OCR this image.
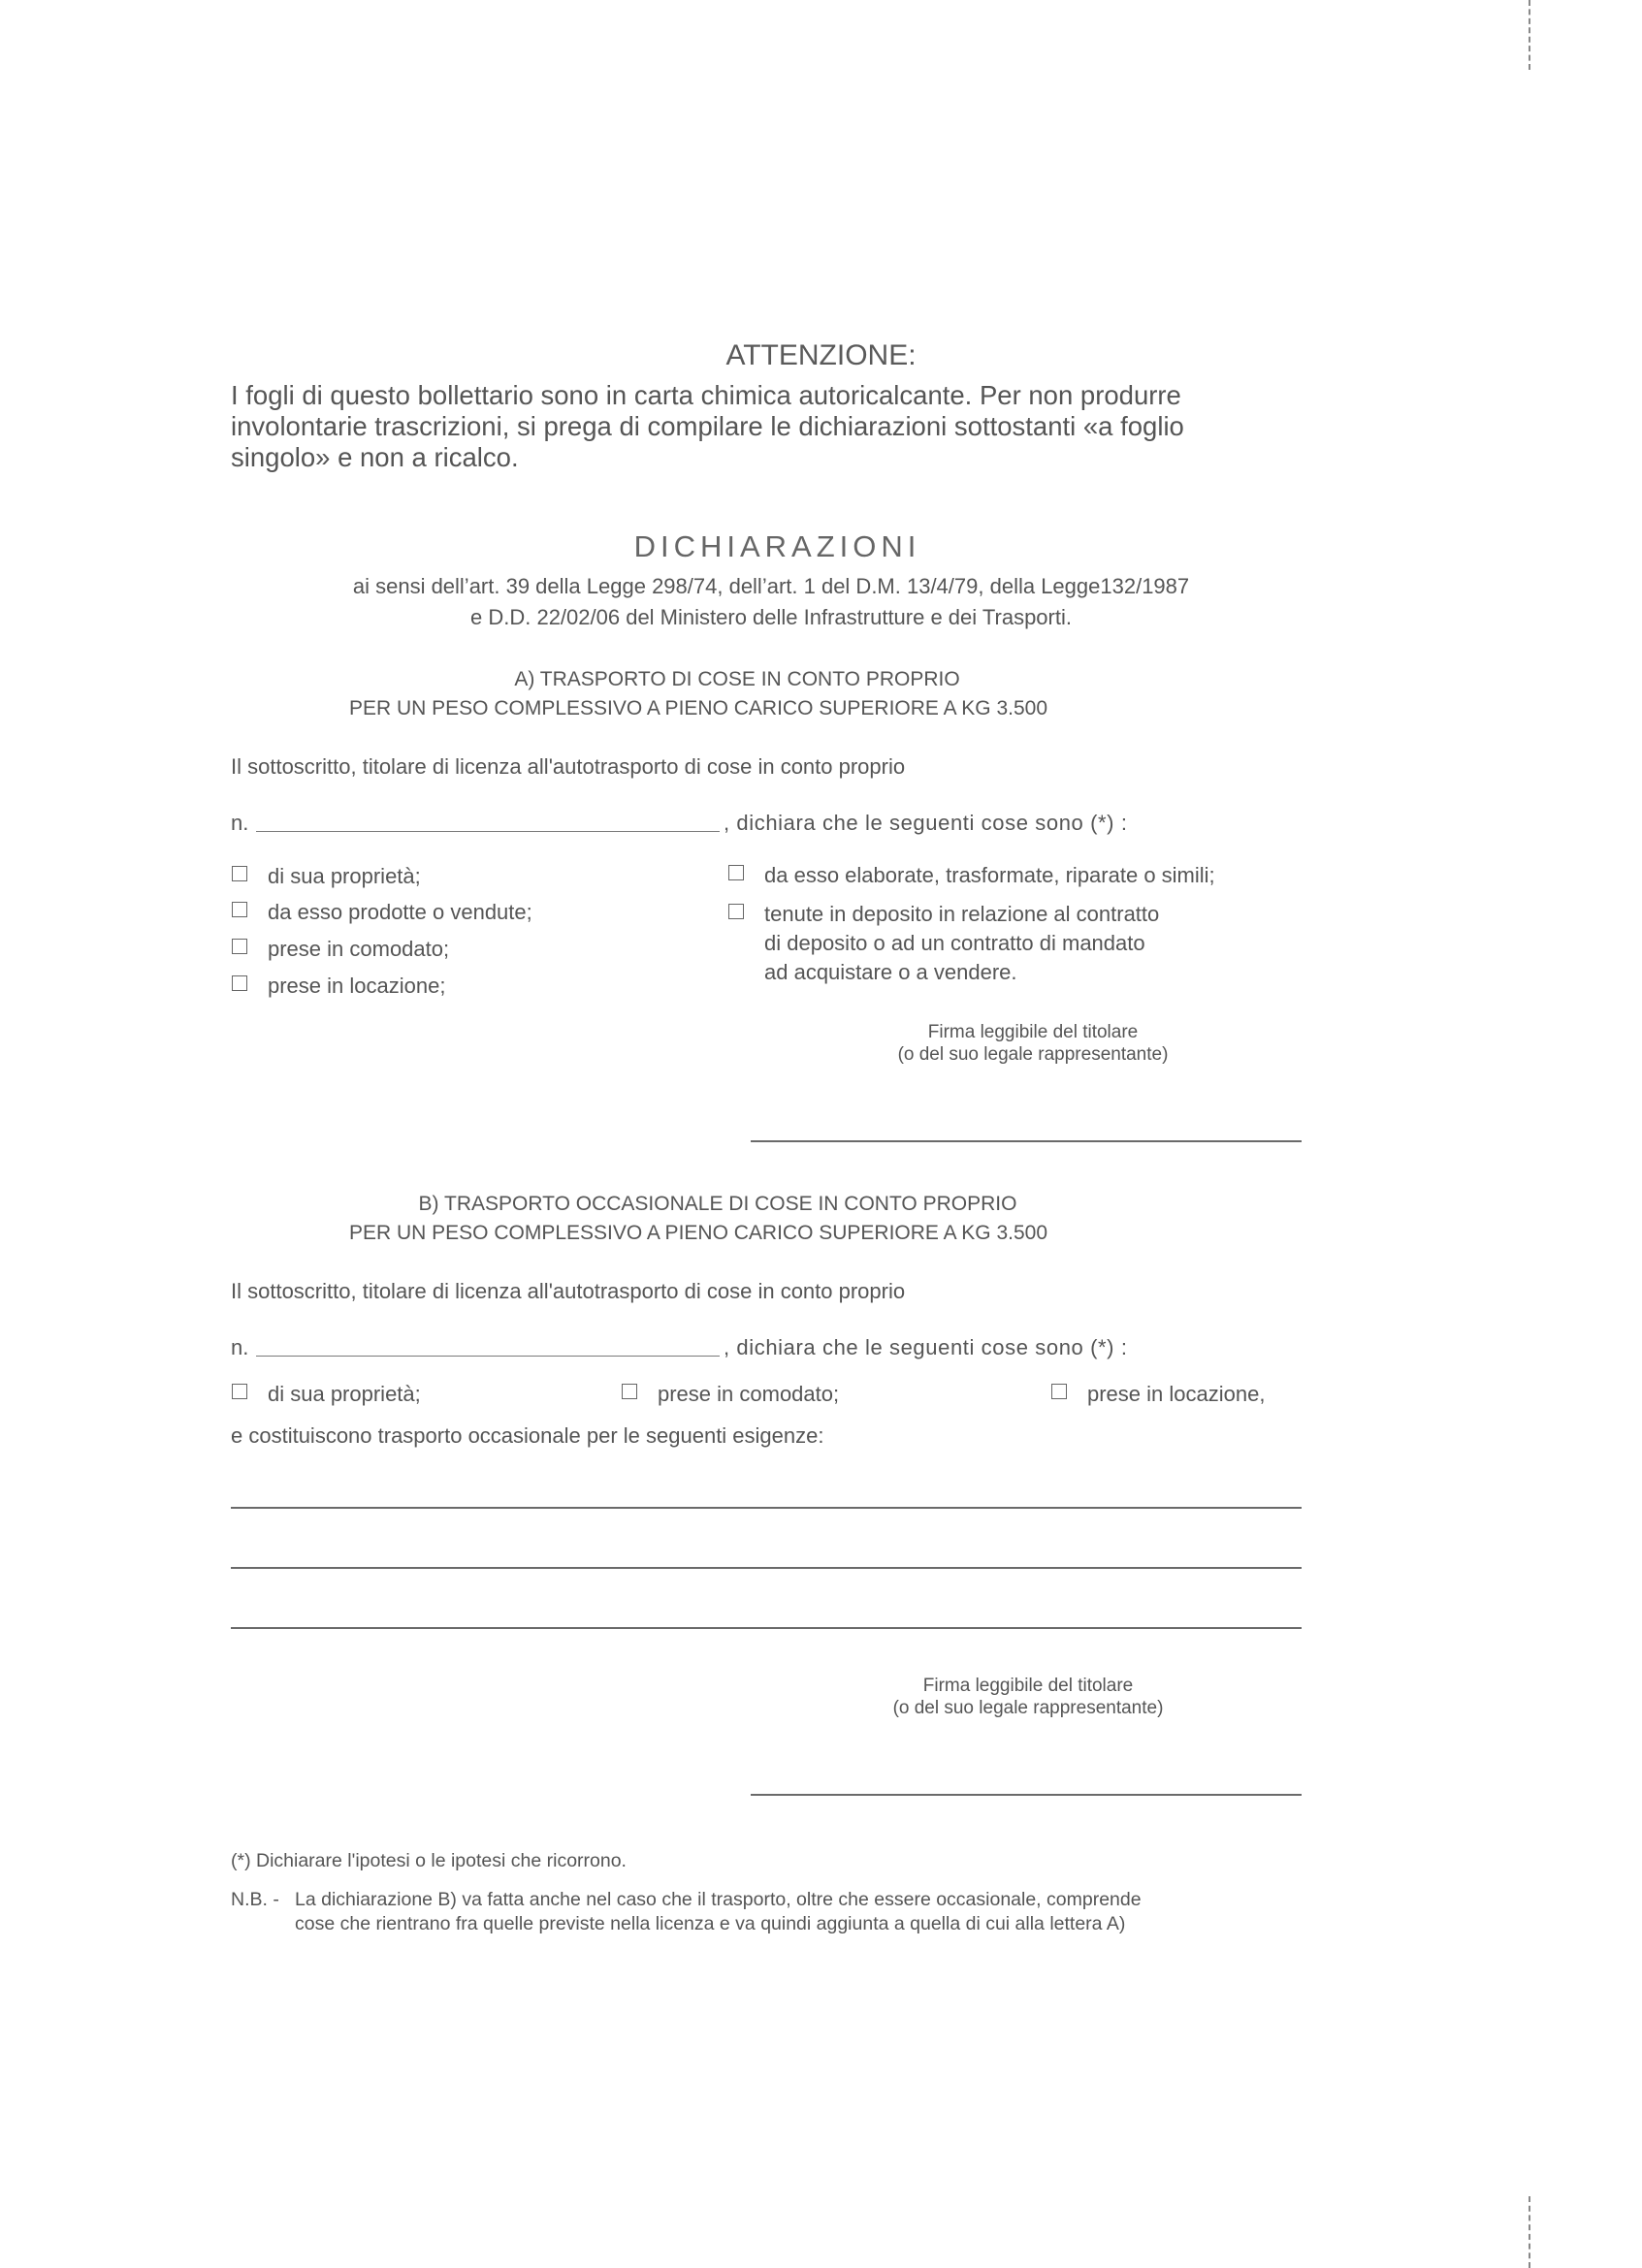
ATTENZIONE:
I fogli di questo bollettario sono in carta chimica autoricalcante. Per non produrre
involontarie trascrizioni, si prega di compilare le dichiarazioni sottostanti «a foglio
singolo» e non a ricalco.
DICHIARAZIONI
ai sensi dell’art. 39 della Legge 298/74, dell’art. 1 del D.M. 13/4/79, della Legge132/1987
e D.D. 22/02/06 del Ministero delle Infrastrutture e dei Trasporti.
A) TRASPORTO DI COSE IN CONTO PROPRIO
PER UN PESO COMPLESSIVO A PIENO CARICO SUPERIORE A KG 3.500
Il sottoscritto, titolare di licenza all'autotrasporto di cose in conto proprio
n.	, dichiara che le seguenti cose sono (*) :
di sua proprietà;
da esso prodotte o vendute;
prese in comodato;
prese in locazione;
da esso elaborate, trasformate, riparate o simili;
tenute in deposito in relazione al contratto
di deposito o ad un contratto di mandato
ad acquistare o a vendere.
Firma leggibile del titolare
(o del suo legale rappresentante)
B) TRASPORTO OCCASIONALE DI COSE IN CONTO PROPRIO
PER UN PESO COMPLESSIVO A PIENO CARICO SUPERIORE A KG 3.500
Il sottoscritto, titolare di licenza all'autotrasporto di cose in conto proprio
n.	, dichiara che le seguenti cose sono (*) :
di sua proprietà;	prese in comodato;	prese in locazione,
e costituiscono trasporto occasionale per le seguenti esigenze:
Firma leggibile del titolare
(o del suo legale rappresentante)
(*) Dichiarare l'ipotesi o le ipotesi che ricorrono.
N.B. - La dichiarazione B) va fatta anche nel caso che il trasporto, oltre che essere occasionale, comprende
cose che rientrano fra quelle previste nella licenza e va quindi aggiunta a quella di cui alla lettera A)
